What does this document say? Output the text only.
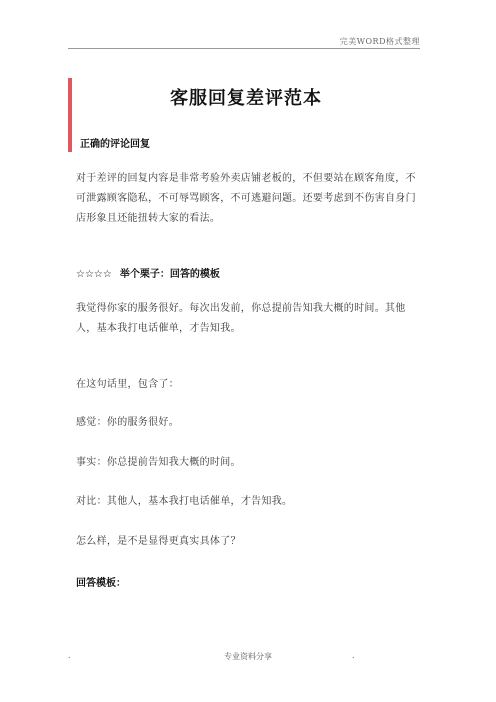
完美WORD格式整理
客服回复差评范本
正确的评论回复
对于差评的回复内容是非常考验外卖店铺老板的，不但要站在顾客角度，不可泄露顾客隐私，不可辱骂顾客，不可逃避问题。还要考虑到不伤害自身门店形象且还能扭转大家的看法。
☆☆☆☆ 举个栗子：回答的模板
我觉得你家的服务很好。每次出发前，你总提前告知我大概的时间。其他人，基本我打电话催单，才告知我。
在这句话里，包含了：
感觉：你的服务很好。
事实：你总提前告知我大概的时间。
对比：其他人，基本我打电话催单，才告知我。
怎么样，是不是显得更真实具体了？
回答模板：
.	专业资料分享	.
